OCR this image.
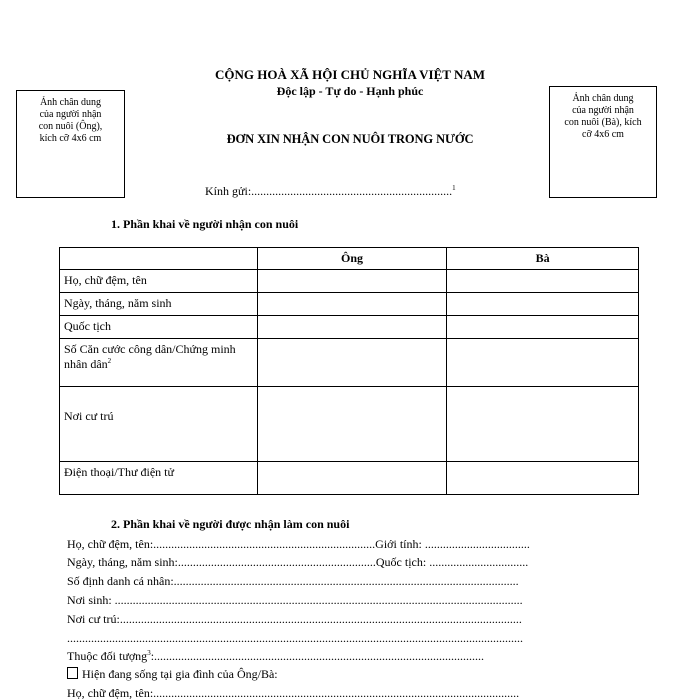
Ảnh chân dung
của người nhận
con nuôi (Ông),
kích cỡ 4x6 cm
Ảnh chân dung
của người nhận
con nuôi (Bà), kích
cỡ 4x6 cm
CỘNG HOÀ XÃ HỘI CHỦ NGHĨA VIỆT NAM
Độc lập - Tự do - Hạnh phúc
ĐƠN XIN NHẬN CON NUÔI TRONG NƯỚC
Kính gửi:...................................................................$^1$
1. Phần khai về người nhận con nuôi
	Ông	Bà
Họ, chữ đệm, tên		
Ngày, tháng, năm sinh		
Quốc tịch		
Số Căn cước công dân/Chứng minh nhân dân$^2$		
Nơi cư trú		
Điện thoại/Thư điện tử		
2. Phần khai về người được nhận làm con nuôi
Họ, chữ đệm, tên:..........................................................................Giới tính: ...................................
Ngày, tháng, năm sinh:..................................................................Quốc tịch: .................................
Số định danh cá nhân:...................................................................................................................
Nơi sinh: ........................................................................................................................................
Nơi cư trú:......................................................................................................................................
........................................................................................................................................................
Thuộc đối tượng$^3$:..............................................................................................................
Hiện đang sống tại gia đình của Ông/Bà:
Họ, chữ đệm, tên:..........................................................................................................................
